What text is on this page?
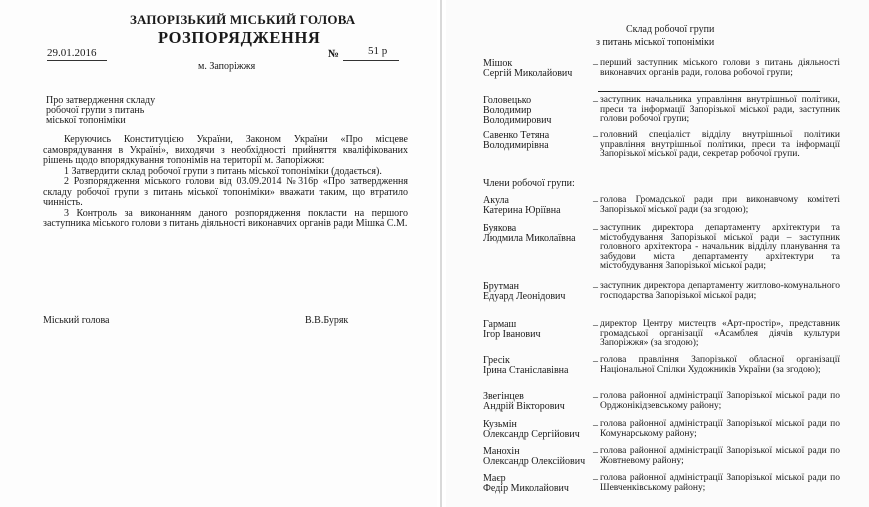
ЗАПОРІЗЬКИЙ МІСЬКИЙ ГОЛОВА
РОЗПОРЯДЖЕННЯ
29.01.2016	№	51 р
м. Запоріжжя
Про затвердження складу
робочої групи з питань
міської топоніміки

Керуючись Конституцією України, Законом України «Про місцеве самоврядування в Україні», виходячи з необхідності прийняття кваліфікованих рішень щодо впорядкування топонімів на території м. Запоріжжя:

1 Затвердити склад робочої групи з питань міської топоніміки (додається).

2 Розпорядження міського голови від 03.09.2014 №316р «Про затвердження складу робочої групи з питань міської топоніміки» вважати таким, що втратило чинність.

3 Контроль за виконанням даного розпорядження покласти на першого заступника міського голови з питань діяльності виконавчих органів ради Мішка С.М.

Міський голова	В.В.Буряк
Склад робочої групи
з питань міської топоніміки
Мішок
Сергій Миколайович
– перший заступник міського голови з питань діяльності виконавчих органів ради, голова робочої групи;
Головецько
Володимир
Володимирович
– заступник начальника управління внутрішньої політики, преси та інформації Запорізької міської ради, заступник голови робочої групи;
Савенко Тетяна
Володимирівна
– головний спеціаліст відділу внутрішньої політики управління внутрішньої політики, преси та інформації Запорізької міської ради, секретар робочої групи.
Члени робочої групи:
Акула
Катерина Юріївна
– голова Громадської ради при виконавчому комітеті Запорізької міської ради (за згодою);
Буякова
Людмила Миколаївна
– заступник директора департаменту архітектури та містобудування Запорізької міської ради – заступник головного архітектора - начальник відділу планування та забудови міста департаменту архітектури та містобудування Запорізької міської ради;
Брутман
Едуард Леонідович
– заступник директора департаменту житлово-комунального господарства Запорізької міської ради;
Гармаш
Ігор Іванович
– директор Центру мистецтв «Арт-простір», представник громадської організації «Асамблея діячів культури Запоріжжя» (за згодою);
Гресік
Ірина Станіславівна
– голова правління Запорізької обласної організації Національної Спілки Художників України (за згодою);
Звегінцев
Андрій Вікторович
– голова районної адміністрації Запорізької міської ради по Орджонікідзевському району;
Кузьмін
Олександр Сергійович
– голова районної адміністрації Запорізької міської ради по Комунарському району;
Манохін
Олександр Олексійович
– голова районної адміністрації Запорізької міської ради по Жовтневому району;
Маєр
Федір Миколайович
– голова районної адміністрації Запорізької міської ради по Шевченківському району;
